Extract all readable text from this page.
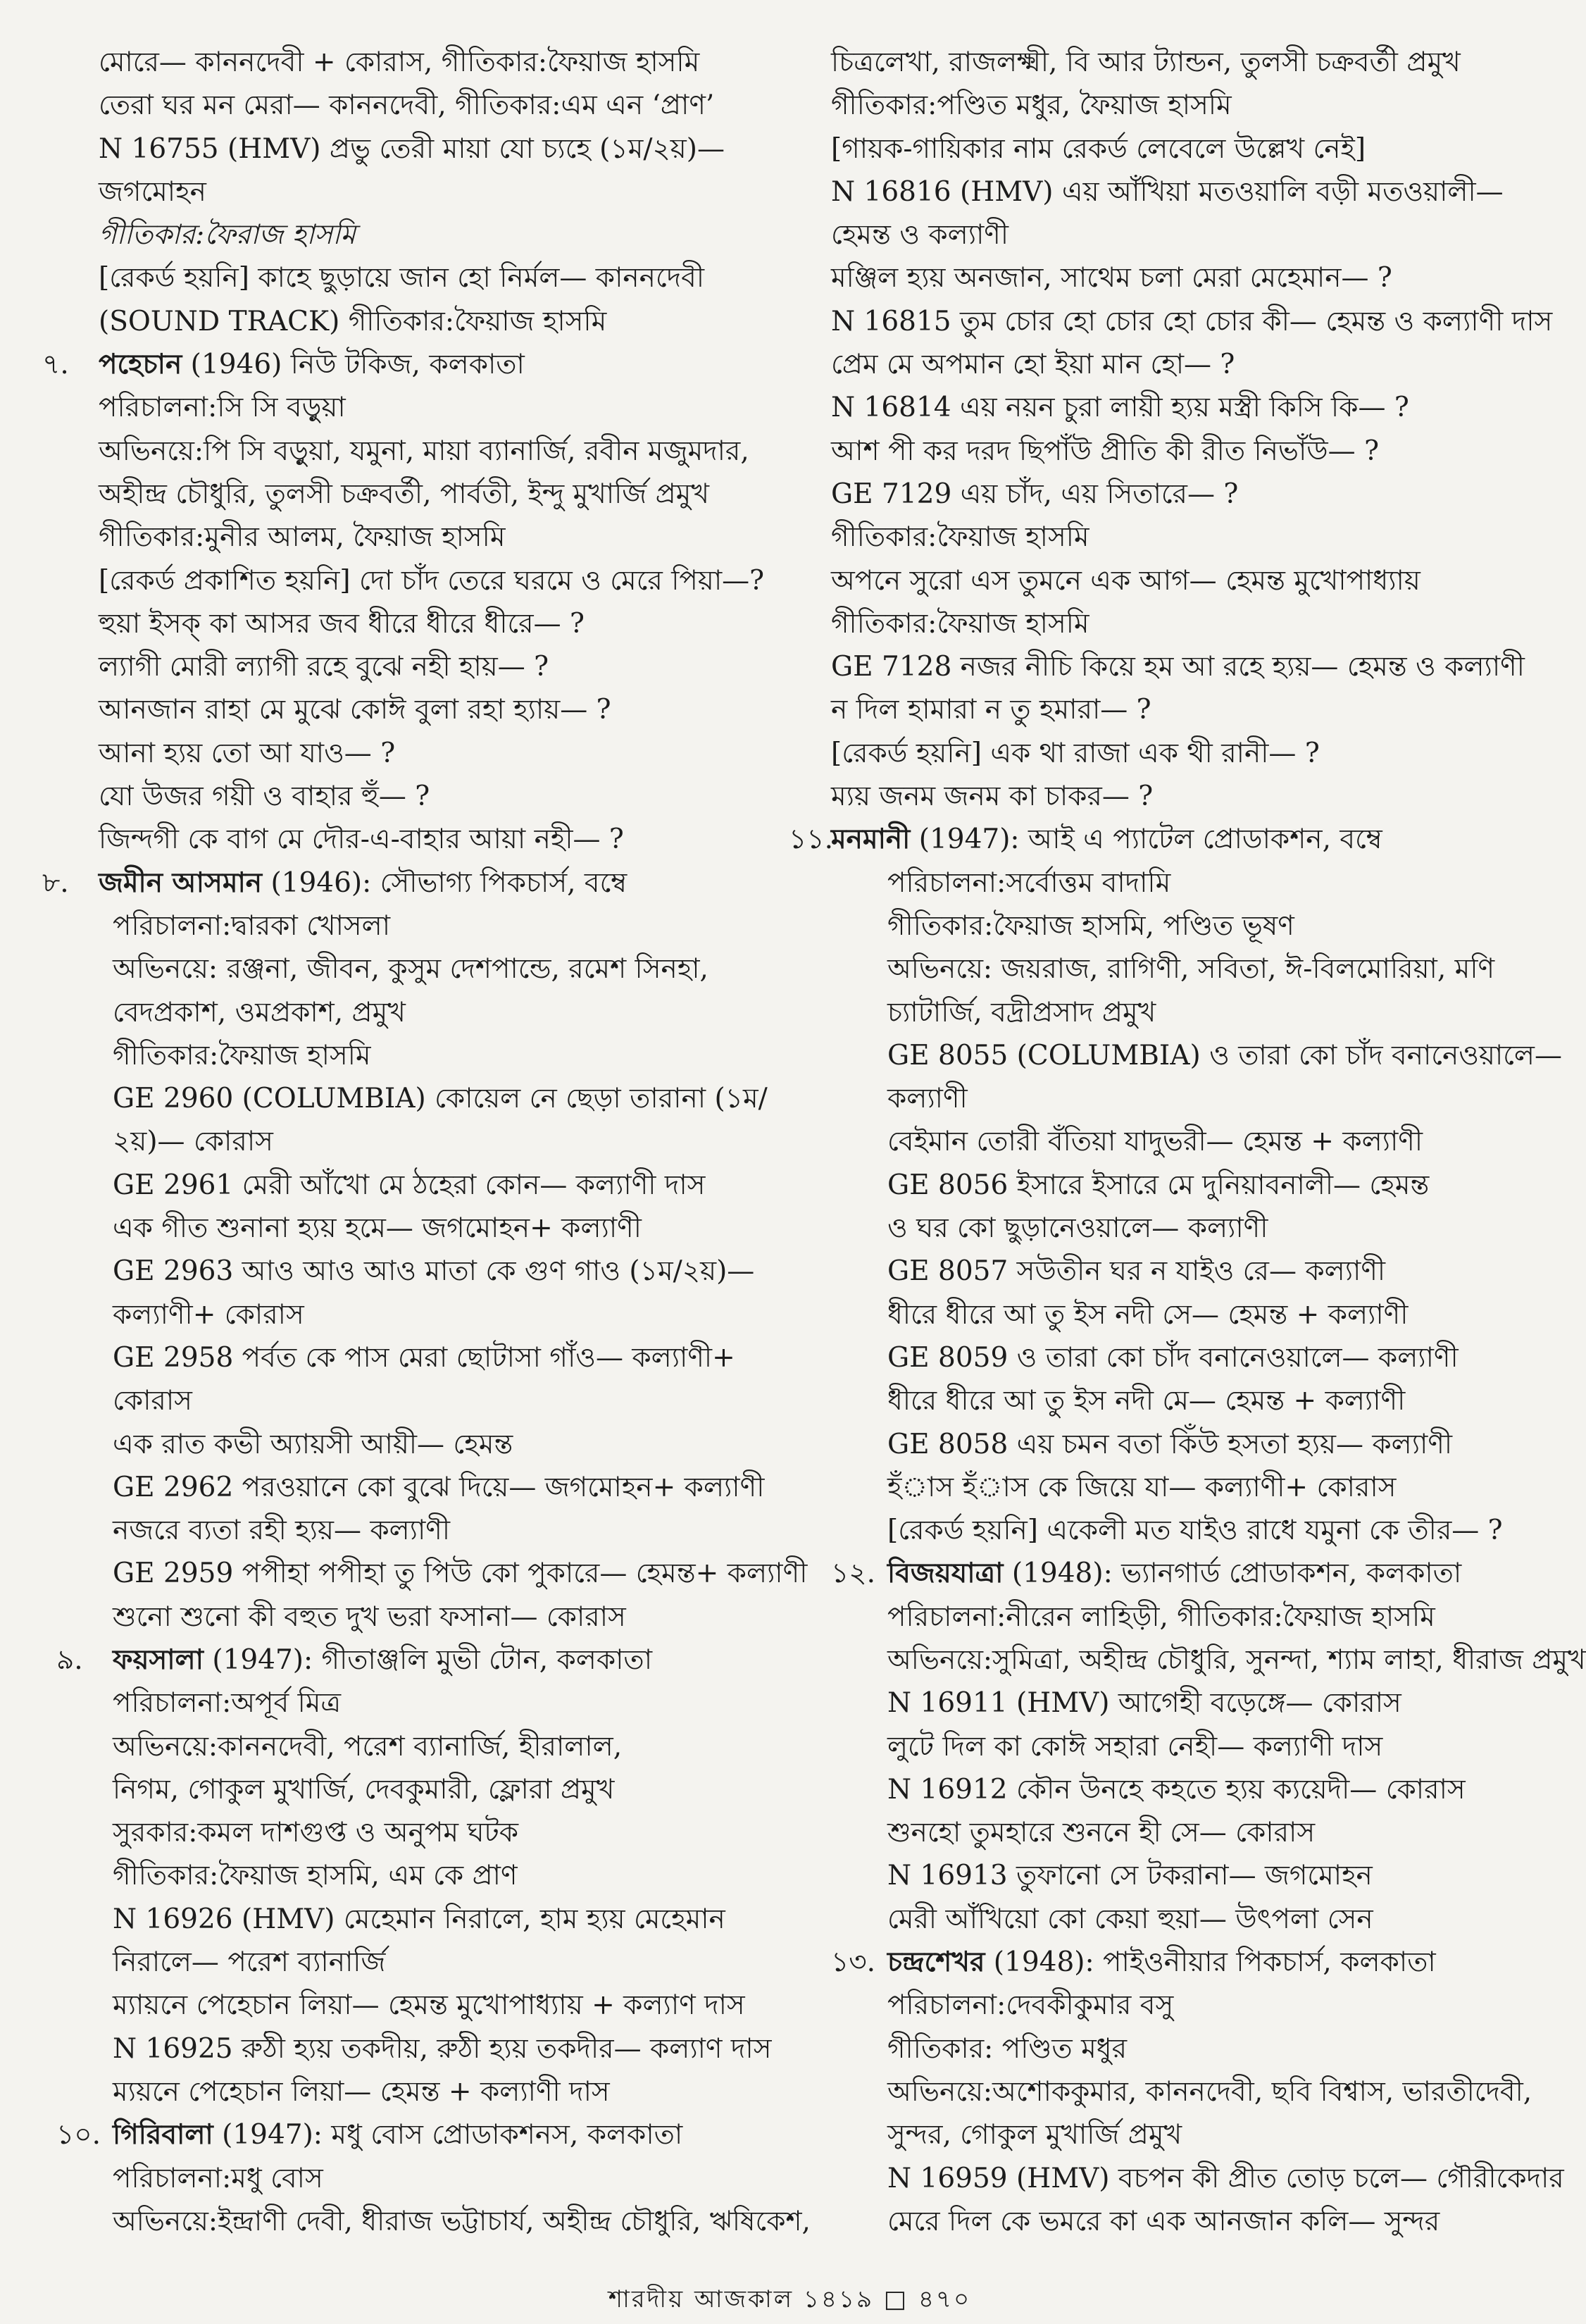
মোরে— কাননদেবী + কোরাস, গীতিকার:ফৈয়াজ হাসমি
তেরা ঘর মন মেরা— কাননদেবী, গীতিকার:এম এন ‘প্রাণ’
N 16755 (HMV) প্রভু তেরী মায়া যো চ্যহে (১ম/২য়)—
জগমোহন
গীতিকার:ফৈরাজ হাসমি
[রেকর্ড হয়নি] কাহে ছুড়ায়ে জান হো নির্মল— কাননদেবী
(SOUND TRACK) গীতিকার:ফৈয়াজ হাসমি
৭.	পহেচান (1946) নিউ টকিজ, কলকাতা
পরিচালনা:সি সি বড়ুয়া
অভিনয়ে:পি সি বড়ুয়া, যমুনা, মায়া ব্যানার্জি, রবীন মজুমদার,
অহীন্দ্র চৌধুরি, তুলসী চক্রবর্তী, পার্বতী, ইন্দু মুখার্জি প্রমুখ
গীতিকার:মুনীর আলম, ফৈয়াজ হাসমি
[রেকর্ড প্রকাশিত হয়নি] দো চাঁদ তেরে ঘরমে ও মেরে পিয়া—?
হুয়া ইসক্ কা আসর জব ধীরে ধীরে ধীরে— ?
ল্যাগী মোরী ল্যাগী রহে বুঝে নহী হায়— ?
আনজান রাহা মে মুঝে কোঈ বুলা রহা হ্যায়— ?
আনা হ্যয় তো আ যাও— ?
যো উজর গয়ী ও বাহার হুঁ— ?
জিন্দগী কে বাগ মে দৌর-এ-বাহার আয়া নহী— ?
৮.	জমীন আসমান (1946): সৌভাগ্য পিকচার্স, বম্বে
পরিচালনা:দ্বারকা খোসলা
অভিনয়ে: রঞ্জনা, জীবন, কুসুম দেশপান্ডে, রমেশ সিনহা,
বেদপ্রকাশ, ওমপ্রকাশ, প্রমুখ
গীতিকার:ফৈয়াজ হাসমি
GE 2960 (COLUMBIA) কোয়েল নে ছেড়া তারানা (১ম/
২য়)— কোরাস
GE 2961 মেরী আঁখো মে ঠহেরা কোন— কল্যাণী দাস
এক গীত শুনানা হ্যয় হমে— জগমোহন+ কল্যাণী
GE 2963 আও আও আও মাতা কে গুণ গাও (১ম/২য়)—
কল্যাণী+ কোরাস
GE 2958 পর্বত কে পাস মেরা ছোটাসা গাঁও— কল্যাণী+
কোরাস
এক রাত কভী অ্যায়সী আয়ী— হেমন্ত
GE 2962 পরওয়ানে কো বুঝে দিয়ে— জগমোহন+ কল্যাণী
নজরে ব্যতা রহী হ্যয়— কল্যাণী
GE 2959 পপীহা পপীহা তু পিউ কো পুকারে— হেমন্ত+ কল্যাণী
শুনো শুনো কী বহুত দুখ ভরা ফসানা— কোরাস
৯.	ফয়সালা (1947): গীতাঞ্জলি মুভী টোন, কলকাতা
পরিচালনা:অপূর্ব মিত্র
অভিনয়ে:কাননদেবী, পরেশ ব্যানার্জি, হীরালাল,
নিগম, গোকুল মুখার্জি, দেবকুমারী, ফ্লোরা প্রমুখ
সুরকার:কমল দাশগুপ্ত ও অনুপম ঘটক
গীতিকার:ফৈয়াজ হাসমি, এম কে প্রাণ
N 16926 (HMV) মেহেমান নিরালে, হাম হ্যয় মেহেমান
নিরালে— পরেশ ব্যানার্জি
ম্যায়নে পেহেচান লিয়া— হেমন্ত মুখোপাধ্যায় + কল্যাণ দাস
N 16925 রুঠী হ্যয় তকদীয়, রুঠী হ্যয় তকদীর— কল্যাণ দাস
ম্যয়নে পেহেচান লিয়া— হেমন্ত + কল্যাণী দাস
১০. গিরিবালা (1947): মধু বোস প্রোডাকশনস, কলকাতা
পরিচালনা:মধু বোস
অভিনয়ে:ইন্দ্রাণী দেবী, ধীরাজ ভট্টাচার্য, অহীন্দ্র চৌধুরি, ঋষিকেশ,
চিত্রলেখা, রাজলক্ষ্মী, বি আর ট্যান্ডন, তুলসী চক্রবর্তী প্রমুখ
গীতিকার:পণ্ডিত মধুর, ফৈয়াজ হাসমি
[গায়ক-গায়িকার নাম রেকর্ড লেবেলে উল্লেখ নেই]
N 16816 (HMV) এয় আঁখিয়া মতওয়ালি বড়ী মতওয়ালী—
হেমন্ত ও কল্যাণী
মঞ্জিল হ্যয় অনজান, সাথেম চলা মেরা মেহেমান— ?
N 16815 তুম চোর হো চোর হো চোর কী— হেমন্ত ও কল্যাণী দাস
প্রেম মে অপমান হো ইয়া মান হো— ?
N 16814 এয় নয়ন চুরা লায়ী হ্যয় মস্ত্রী কিসি কি— ?
আশ পী কর দরদ ছিপাঁউ প্রীতি কী রীত নিভাঁউ— ?
GE 7129 এয় চাঁদ, এয় সিতারে— ?
গীতিকার:ফৈয়াজ হাসমি
অপনে সুরো এস তুমনে এক আগ— হেমন্ত মুখোপাধ্যায়
গীতিকার:ফৈয়াজ হাসমি
GE 7128 নজর নীচি কিয়ে হম আ রহে হ্যয়— হেমন্ত ও কল্যাণী
ন দিল হামারা ন তু হমারা— ?
[রেকর্ড হয়নি] এক থা রাজা এক থী রানী— ?
ম্যয় জনম জনম কা চাকর— ?
১১.
মনমানী (1947): আই এ প্যাটেল প্রোডাকশন, বম্বে
পরিচালনা:সর্বোত্তম বাদামি
গীতিকার:ফৈয়াজ হাসমি, পণ্ডিত ভূষণ
অভিনয়ে: জয়রাজ, রাগিণী, সবিতা, ঈ-বিলমোরিয়া, মণি
চ্যাটার্জি, বদ্রীপ্রসাদ প্রমুখ
GE 8055 (COLUMBIA) ও তারা কো চাঁদ বনানেওয়ালে—
কল্যাণী
বেইমান তোরী বঁতিয়া যাদুভরী— হেমন্ত + কল্যাণী
GE 8056 ইসারে ইসারে মে দুনিয়াবনালী— হেমন্ত
ও ঘর কো ছুড়ানেওয়ালে— কল্যাণী
GE 8057 সউতীন ঘর ন যাইও রে— কল্যাণী
ধীরে ধীরে আ তু ইস নদী সে— হেমন্ত + কল্যাণী
GE 8059 ও তারা কো চাঁদ বনানেওয়ালে— কল্যাণী
ধীরে ধীরে আ তু ইস নদী মে— হেমন্ত + কল্যাণী
GE 8058 এয় চমন বতা কিঁউ হসতা হ্যয়— কল্যাণী
হঁাস হঁাস কে জিয়ে যা— কল্যাণী+ কোরাস
[রেকর্ড হয়নি] একেলী মত যাইও রাধে যমুনা কে তীর— ?
১২. বিজয়যাত্রা (1948): ভ্যানগার্ড প্রোডাকশন, কলকাতা
পরিচালনা:নীরেন লাহিড়ী, গীতিকার:ফৈয়াজ হাসমি
অভিনয়ে:সুমিত্রা, অহীন্দ্র চৌধুরি, সুনন্দা, শ্যাম লাহা, ধীরাজ প্রমুখ
N 16911 (HMV) আগেহী বড়েঙ্গে— কোরাস
লুটে দিল কা কোঈ সহারা নেহী— কল্যাণী দাস
N 16912 কৌন উনহে কহতে হ্যয় ক্যয়েদী— কোরাস
শুনহো তুমহারে শুননে হী সে— কোরাস
N 16913 তুফানো সে টকরানা— জগমোহন
মেরী আঁখিয়ো কো কেয়া হুয়া— উৎপলা সেন
১৩. চন্দ্রশেখর (1948): পাইওনীয়ার পিকচার্স, কলকাতা
পরিচালনা:দেবকীকুমার বসু
গীতিকার: পণ্ডিত মধুর
অভিনয়ে:অশোককুমার, কাননদেবী, ছবি বিশ্বাস, ভারতীদেবী,
সুন্দর, গোকুল মুখার্জি প্রমুখ
N 16959 (HMV) বচপন কী প্রীত তোড় চলে— গৌরীকেদার
মেরে দিল কে ভমরে কা এক আনজান কলি— সুন্দর
শারদীয় আজকাল ১৪১৯ □ ৪৭০
